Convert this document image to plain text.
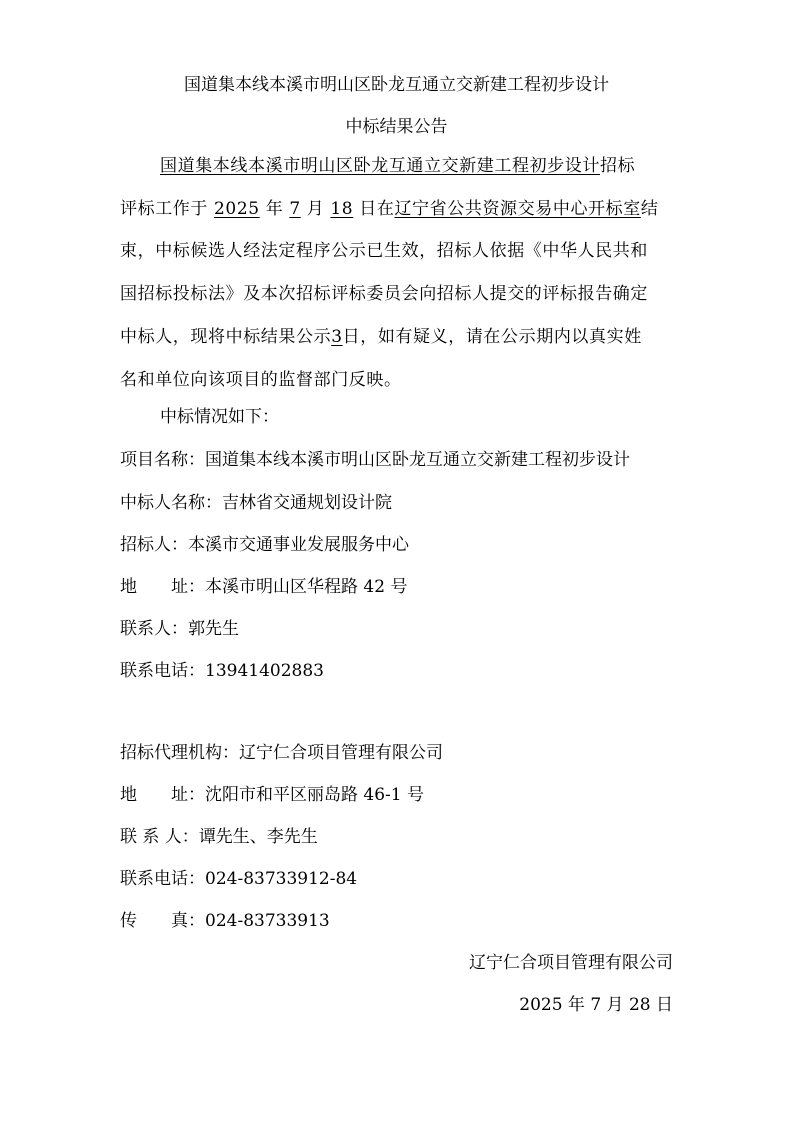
国道集本线本溪市明山区卧龙互通立交新建工程初步设计
中标结果公告
国道集本线本溪市明山区卧龙互通立交新建工程初步设计招标
评标工作于 2025 年 7 月 18 日在辽宁省公共资源交易中心开标室结
束，中标候选人经法定程序公示已生效，招标人依据《中华人民共和
国招标投标法》及本次招标评标委员会向招标人提交的评标报告确定
中标人，现将中标结果公示3日，如有疑义，请在公示期内以真实姓
名和单位向该项目的监督部门反映。
中标情况如下：
项目名称：国道集本线本溪市明山区卧龙互通立交新建工程初步设计
中标人名称：吉林省交通规划设计院
招标人：本溪市交通事业发展服务中心
地　　址：本溪市明山区华程路 42 号
联系人：郭先生
联系电话：13941402883
招标代理机构：辽宁仁合项目管理有限公司
地　　址：沈阳市和平区丽岛路 46-1 号
联 系 人：谭先生、李先生
联系电话：024-83733912-84
传　　真：024-83733913
辽宁仁合项目管理有限公司
2025 年 7 月 28 日
